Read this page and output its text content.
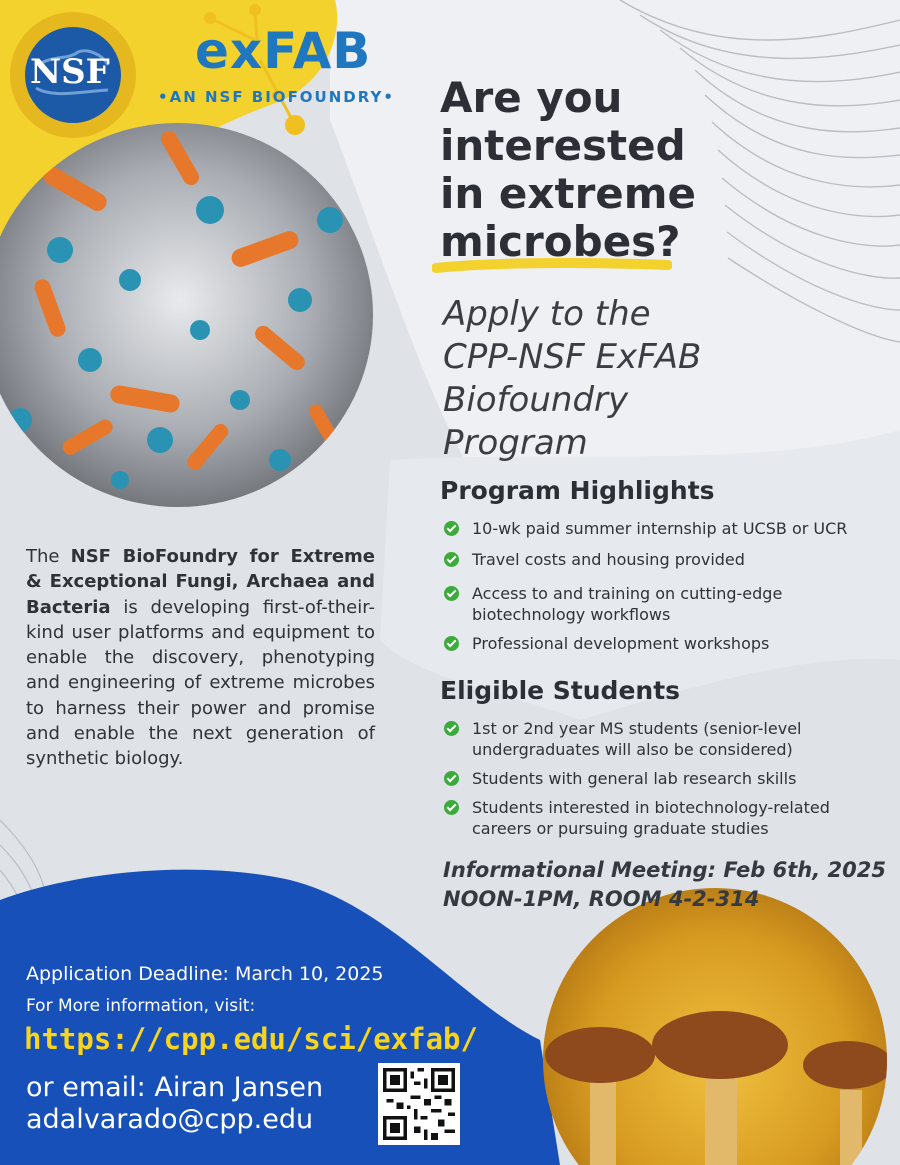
NSF exFAB
•AN NSF BIOFOUNDRY• Are you
interested
in extreme
microbes?
Apply to the
CPP-NSF ExFAB
Biofoundry
Program
Program Highlights
10-wk paid summer internship at UCSB or UCR
Travel costs and housing provided
Access to and training on cutting-edge biotechnology workflows
Professional development workshops
Eligible Students
1st or 2nd year MS students (senior-level undergraduates will also be considered)
Students with general lab research skills
Students interested in biotechnology-related careers or pursuing graduate studies
Informational Meeting: Feb 6th, 2025
NOON-1PM, ROOM 4-2-314
The NSF BioFoundry for Extreme & Exceptional Fungi, Archaea and Bacteria is developing first-of-their-kind user platforms and equipment to enable the discovery, phenotyping and engineering of extreme microbes to harness their power and promise and enable the next generation of synthetic biology.
Application Deadline: March 10, 2025
For More information, visit:
https://cpp.edu/sci/exfab/
or email: Airan Jansen
adalvarado@cpp.edu
